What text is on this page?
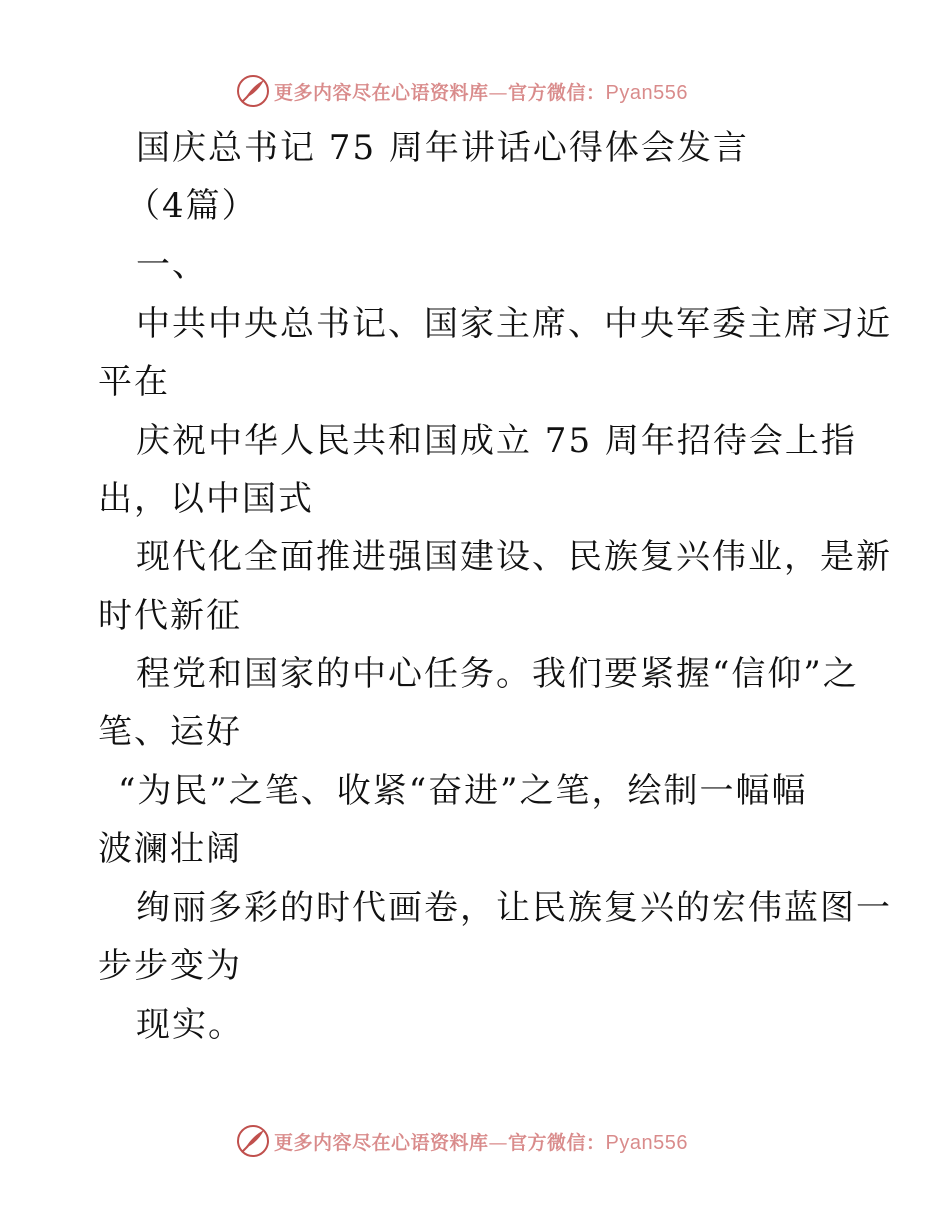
更多内容尽在心语资料库—官方微信：Pyan556
国庆总书记 75 周年讲话心得体会发言
（4篇）
一、
中共中央总书记、国家主席、中央军委主席习近
平在
庆祝中华人民共和国成立 75 周年招待会上指
出，以中国式
现代化全面推进强国建设、民族复兴伟业，是新
时代新征
程党和国家的中心任务。我们要紧握“信仰”之
笔、运好
“为民”之笔、收紧“奋进”之笔，绘制一幅幅
波澜壮阔
绚丽多彩的时代画卷，让民族复兴的宏伟蓝图一
步步变为
现实。
更多内容尽在心语资料库—官方微信：Pyan556
